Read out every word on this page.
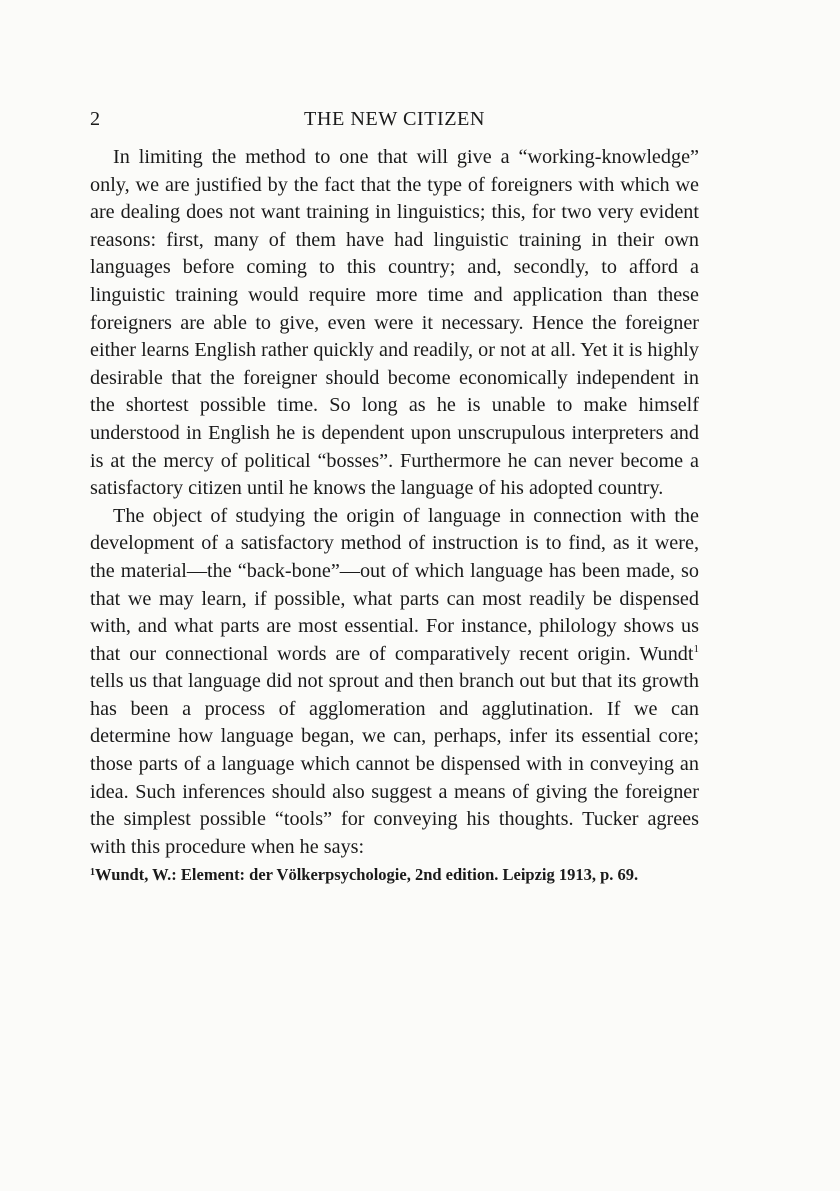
2	THE NEW CITIZEN

In limiting the method to one that will give a “working-knowledge” only, we are justified by the fact that the type of foreigners with which we are dealing does not want training in linguistics; this, for two very evident reasons: first, many of them have had linguistic training in their own languages before coming to this country; and, secondly, to afford a linguistic training would require more time and application than these foreigners are able to give, even were it necessary. Hence the foreigner either learns English rather quickly and readily, or not at all. Yet it is highly desirable that the foreigner should become economically independent in the shortest possible time. So long as he is unable to make himself understood in English he is dependent upon unscrupulous interpreters and is at the mercy of political “bosses”. Furthermore he can never become a satisfactory citizen until he knows the language of his adopted country.

The object of studying the origin of language in connection with the development of a satisfactory method of instruction is to find, as it were, the material—the “back-bone”—out of which language has been made, so that we may learn, if possible, what parts can most readily be dispensed with, and what parts are most essential. For instance, philology shows us that our connectional words are of comparatively recent origin. Wundt$^1$ tells us that language did not sprout and then branch out but that its growth has been a process of agglomeration and agglutination. If we can determine how language began, we can, perhaps, infer its essential core; those parts of a language which cannot be dispensed with in conveying an idea. Such inferences should also suggest a means of giving the foreigner the simplest possible “tools” for conveying his thoughts. Tucker agrees with this procedure when he says:

$^1$Wundt, W.: Element: der Völkerpsychologie, 2nd edition. Leipzig 1913, p. 69.
